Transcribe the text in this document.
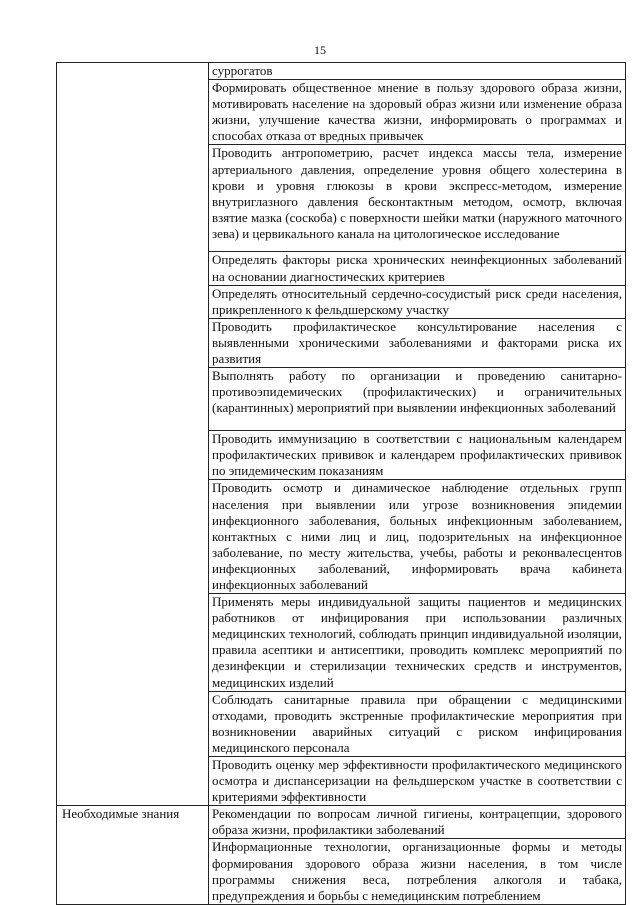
15
	суррогатов
	Формировать общественное мнение в пользу здорового образа жизни, мотивировать население на здоровый образ жизни или изменение образа жизни, улучшение качества жизни, информировать о программах и способах отказа от вредных привычек
	Проводить антропометрию, расчет индекса массы тела, измерение артериального давления, определение уровня общего холестерина в крови и уровня глюкозы в крови экспресс-методом, измерение внутриглазного давления бесконтактным методом, осмотр, включая взятие мазка (соскоба) с поверхности шейки матки (наружного маточного зева) и цервикального канала на цитологическое исследование
	Определять факторы риска хронических неинфекционных заболеваний на основании диагностических критериев
	Определять относительный сердечно-сосудистый риск среди населения, прикрепленного к фельдшерскому участку
	Проводить профилактическое консультирование населения с выявленными хроническими заболеваниями и факторами риска их развития
	Выполнять работу по организации и проведению санитарно-противоэпидемических (профилактических) и ограничительных (карантинных) мероприятий при выявлении инфекционных заболеваний
	Проводить иммунизацию в соответствии с национальным календарем профилактических прививок и календарем профилактических прививок по эпидемическим показаниям
	Проводить осмотр и динамическое наблюдение отдельных групп населения при выявлении или угрозе возникновения эпидемии инфекционного заболевания, больных инфекционным заболеванием, контактных с ними лиц и лиц, подозрительных на инфекционное заболевание, по месту жительства, учебы, работы и реконвалесцентов инфекционных заболеваний, информировать врача кабинета инфекционных заболеваний
	Применять меры индивидуальной защиты пациентов и медицинских работников от инфицирования при использовании различных медицинских технологий, соблюдать принцип индивидуальной изоляции, правила асептики и антисептики, проводить комплекс мероприятий по дезинфекции и стерилизации технических средств и инструментов, медицинских изделий
	Соблюдать санитарные правила при обращении с медицинскими отходами, проводить экстренные профилактические мероприятия при возникновении аварийных ситуаций с риском инфицирования медицинского персонала
	Проводить оценку мер эффективности профилактического медицинского осмотра и диспансеризации на фельдшерском участке в соответствии с критериями эффективности
Необходимые знания	Рекомендации по вопросам личной гигиены, контрацепции, здорового образа жизни, профилактики заболеваний
	Информационные технологии, организационные формы и методы формирования здорового образа жизни населения, в том числе программы снижения веса, потребления алкоголя и табака, предупреждения и борьбы с немедицинским потреблением
